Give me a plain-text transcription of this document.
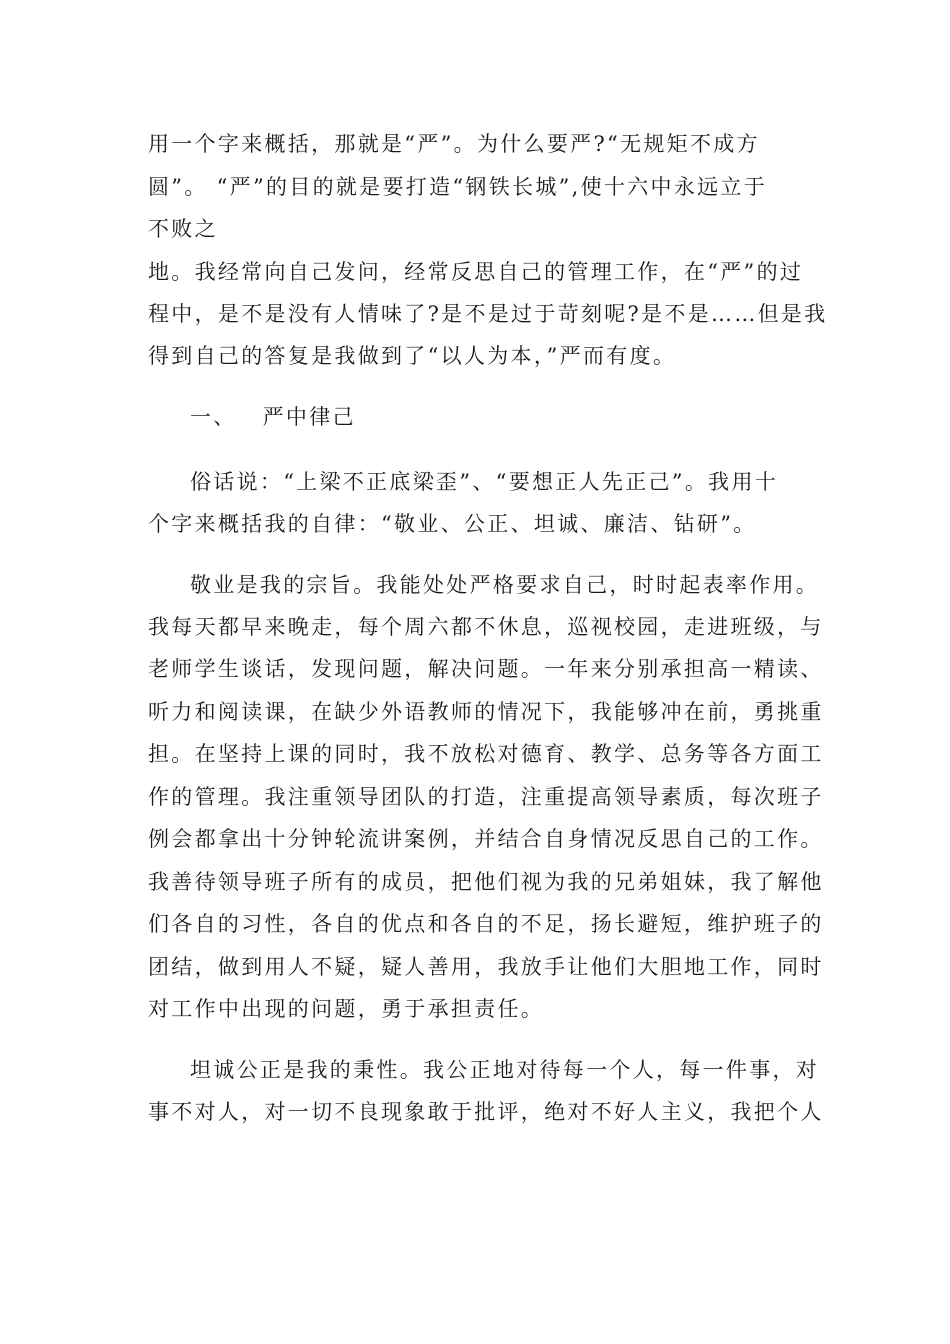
用一个字来概括，那就是“严”。为什么要严?“无规矩不成方
圆”。 “严”的目的就是要打造“钢铁长城”,使十六中永远立于
不败之
地。我经常向自己发问，经常反思自己的管理工作，在“严”的过
程中，是不是没有人情味了?是不是过于苛刻呢?是不是……但是我
得到自己的答复是我做到了“以人为本，”严而有度。
一、 严中律己
俗话说：“上梁不正底梁歪”、“要想正人先正己”。我用十
个字来概括我的自律：“敬业、公正、坦诚、廉洁、钻研”。
敬业是我的宗旨。我能处处严格要求自己，时时起表率作用。
我每天都早来晚走，每个周六都不休息，巡视校园，走进班级，与
老师学生谈话，发现问题，解决问题。一年来分别承担高一精读、
听力和阅读课，在缺少外语教师的情况下，我能够冲在前，勇挑重
担。在坚持上课的同时，我不放松对德育、教学、总务等各方面工
作的管理。我注重领导团队的打造，注重提高领导素质，每次班子
例会都拿出十分钟轮流讲案例，并结合自身情况反思自己的工作。
我善待领导班子所有的成员，把他们视为我的兄弟姐妹，我了解他
们各自的习性，各自的优点和各自的不足，扬长避短，维护班子的
团结，做到用人不疑，疑人善用，我放手让他们大胆地工作，同时
对工作中出现的问题，勇于承担责任。
坦诚公正是我的秉性。我公正地对待每一个人，每一件事，对
事不对人，对一切不良现象敢于批评，绝对不好人主义，我把个人
